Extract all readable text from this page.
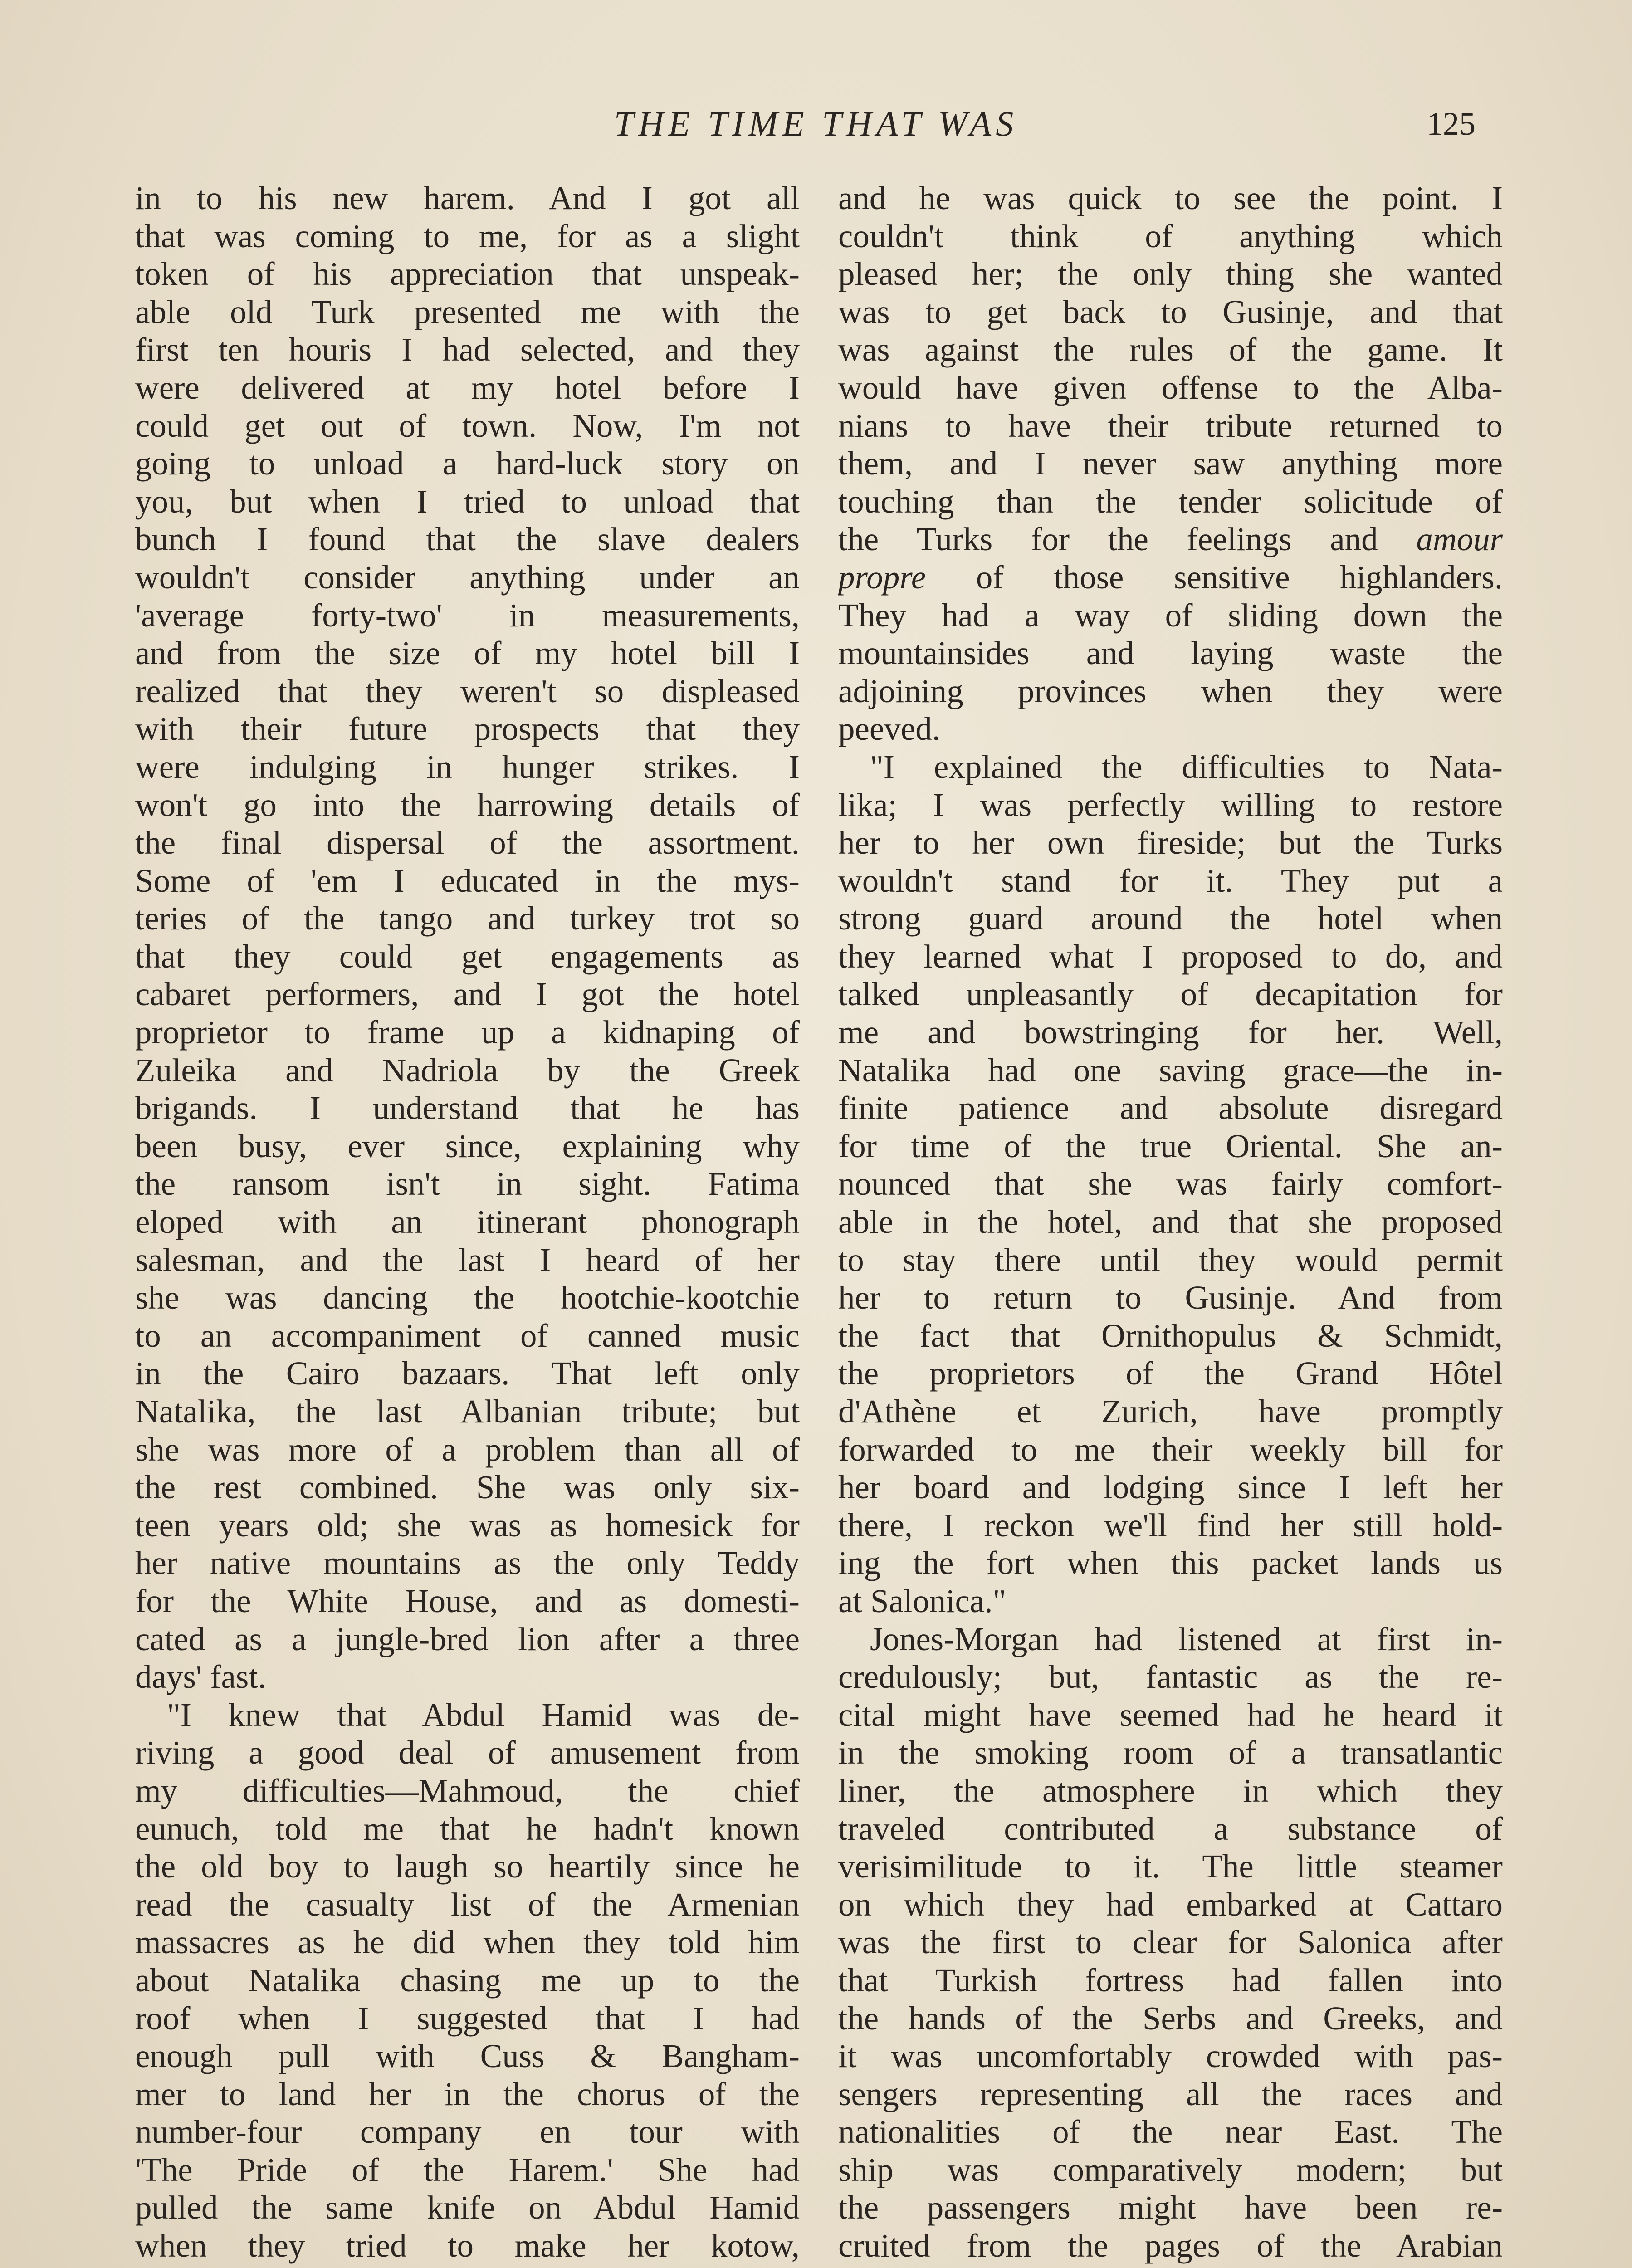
THE TIME THAT WAS	125
in to his new harem. And I got all
that was coming to me, for as a slight
token of his appreciation that unspeak-
able old Turk presented me with the
first ten houris I had selected, and they
were delivered at my hotel before I
could get out of town. Now, I'm not
going to unload a hard-luck story on
you, but when I tried to unload that
bunch I found that the slave dealers
wouldn't consider anything under an
'average forty-two' in measurements,
and from the size of my hotel bill I
realized that they weren't so displeased
with their future prospects that they
were indulging in hunger strikes. I
won't go into the harrowing details of
the final dispersal of the assortment.
Some of 'em I educated in the mys-
teries of the tango and turkey trot so
that they could get engagements as
cabaret performers, and I got the hotel
proprietor to frame up a kidnaping of
Zuleika and Nadriola by the Greek
brigands. I understand that he has
been busy, ever since, explaining why
the ransom isn't in sight. Fatima
eloped with an itinerant phonograph
salesman, and the last I heard of her
she was dancing the hootchie-kootchie
to an accompaniment of canned music
in the Cairo bazaars. That left only
Natalika, the last Albanian tribute; but
she was more of a problem than all of
the rest combined. She was only six-
teen years old; she was as homesick for
her native mountains as the only Teddy
for the White House, and as domesti-
cated as a jungle-bred lion after a three
days' fast.
"I knew that Abdul Hamid was de-
riving a good deal of amusement from
my difficulties—Mahmoud, the chief
eunuch, told me that he hadn't known
the old boy to laugh so heartily since he
read the casualty list of the Armenian
massacres as he did when they told him
about Natalika chasing me up to the
roof when I suggested that I had
enough pull with Cuss & Bangham-
mer to land her in the chorus of the
number-four company en tour with
'The Pride of the Harem.' She had
pulled the same knife on Abdul Hamid
when they tried to make her kotow,
and he was quick to see the point. I
couldn't think of anything which
pleased her; the only thing she wanted
was to get back to Gusinje, and that
was against the rules of the game. It
would have given offense to the Alba-
nians to have their tribute returned to
them, and I never saw anything more
touching than the tender solicitude of
the Turks for the feelings and amour
propre of those sensitive highlanders.
They had a way of sliding down the
mountainsides and laying waste the
adjoining provinces when they were
peeved.
"I explained the difficulties to Nata-
lika; I was perfectly willing to restore
her to her own fireside; but the Turks
wouldn't stand for it. They put a
strong guard around the hotel when
they learned what I proposed to do, and
talked unpleasantly of decapitation for
me and bowstringing for her. Well,
Natalika had one saving grace—the in-
finite patience and absolute disregard
for time of the true Oriental. She an-
nounced that she was fairly comfort-
able in the hotel, and that she proposed
to stay there until they would permit
her to return to Gusinje. And from
the fact that Ornithopulus & Schmidt,
the proprietors of the Grand Hôtel
d'Athène et Zurich, have promptly
forwarded to me their weekly bill for
her board and lodging since I left her
there, I reckon we'll find her still hold-
ing the fort when this packet lands us
at Salonica."
Jones-Morgan had listened at first in-
credulously; but, fantastic as the re-
cital might have seemed had he heard it
in the smoking room of a transatlantic
liner, the atmosphere in which they
traveled contributed a substance of
verisimilitude to it. The little steamer
on which they had embarked at Cattaro
was the first to clear for Salonica after
that Turkish fortress had fallen into
the hands of the Serbs and Greeks, and
it was uncomfortably crowded with pas-
sengers representing all the races and
nationalities of the near East. The
ship was comparatively modern; but
the passengers might have been re-
cruited from the pages of the Arabian
